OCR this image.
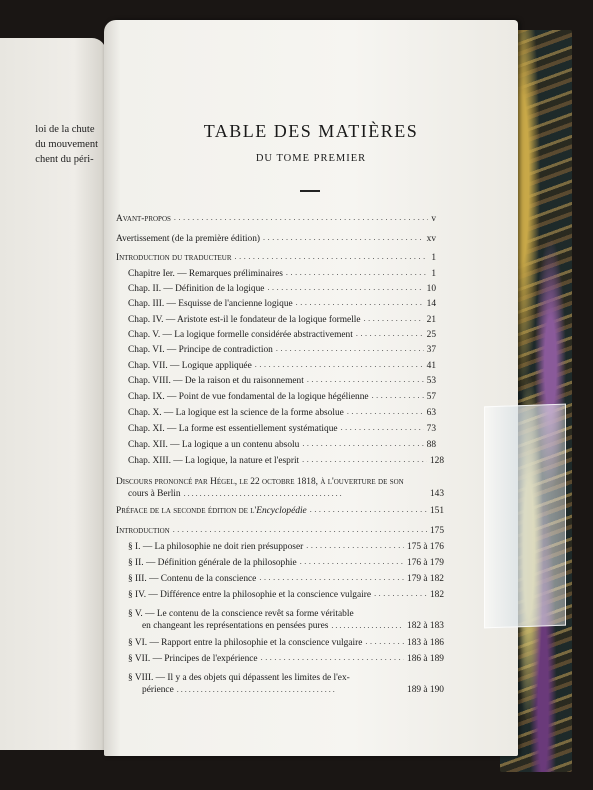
loi de la chute
du mouvement
chent du péri-
TABLE DES MATIÈRES
DU TOME PREMIER
Avant-propos . . .	v
Avertissement (de la première édition) . . .	xv
Introduction du traducteur . . .	1
Chapitre Ier. — Remarques préliminaires . . .	1
Chap. II. — Définition de la logique . . .	10
Chap. III. — Esquisse de l'ancienne logique . . .	14
Chap. IV. — Aristote est-il le fondateur de la logique formelle . . .	21
Chap. V. — La logique formelle considérée abstractivement . . .	25
Chap. VI. — Principe de contradiction . . .	37
Chap. VII. — Logique appliquée . . .	41
Chap. VIII. — De la raison et du raisonnement . . .	53
Chap. IX. — Point de vue fondamental de la logique hégélienne . . .	57
Chap. X. — La logique est la science de la forme absolue . . .	63
Chap. XI. — La forme est essentiellement systématique . . .	73
Chap. XII. — La logique a un contenu absolu . . .	88
Chap. XIII. — La logique, la nature et l'esprit . . .	128
Discours prononcé par Hégel, le 22 octobre 1818, à l'ouverture de son
cours à Berlin . . .	143
Préface de la seconde édition de l'Encyclopédie . . .	151
Introduction . . .	175
§ I. — La philosophie ne doit rien présupposer . . .	175 à 176
§ II. — Définition générale de la philosophie . . .	176 à 179
§ III. — Contenu de la conscience . . .	179 à 182
§ IV. — Différence entre la philosophie et la conscience vulgaire . . .	182
§ V. — Le contenu de la conscience revêt sa forme véritable
en changeant les représentations en pensées pures . . .	182 à 183
§ VI. — Rapport entre la philosophie et la conscience vulgaire . . .	183 à 186
§ VII. — Principes de l'expérience . . .	186 à 189
§ VIII. — Il y a des objets qui dépassent les limites de l'ex-
périence . . .	189 à 190
